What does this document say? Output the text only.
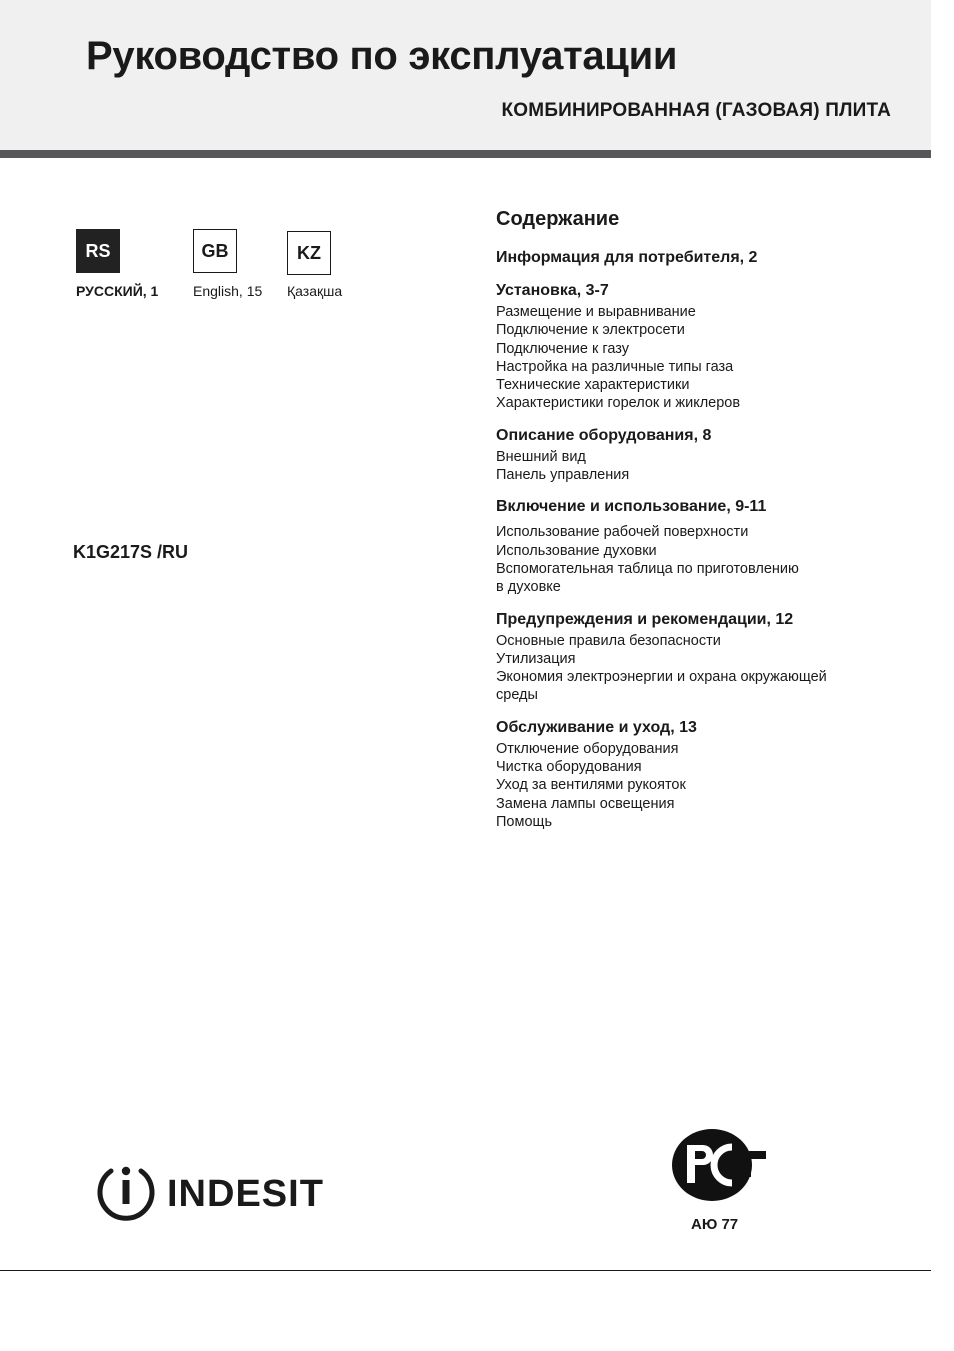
Руководство по эксплуатации
КОМБИНИРОВАННАЯ (ГАЗОВАЯ) ПЛИТА
RS
РУССКИЙ, 1
GB
English, 15
KZ
Қазақша
K1G217S /RU
Содержание
Информация для потребителя, 2
Установка, 3-7
Размещение и выравнивание
Подключение к электросети
Подключение к газу
Настройка на различные типы газа
Технические характеристики
Характеристики горелок и жиклеров
Описание оборудования, 8
Внешний вид
Панель управления
Включение и использование, 9-11
Использование рабочей поверхности
Использование духовки
Вспомогательная таблица по приготовлению
в духовке
Предупреждения и рекомендации, 12
Основные правила безопасности
Утилизация
Экономия электроэнергии и охрана окружающей
среды
Обслуживание и уход, 13
Отключение оборудования
Чистка оборудования
Уход за вентилями рукояток
Замена лампы освещения
Помощь
INDESIT
АЮ 77
